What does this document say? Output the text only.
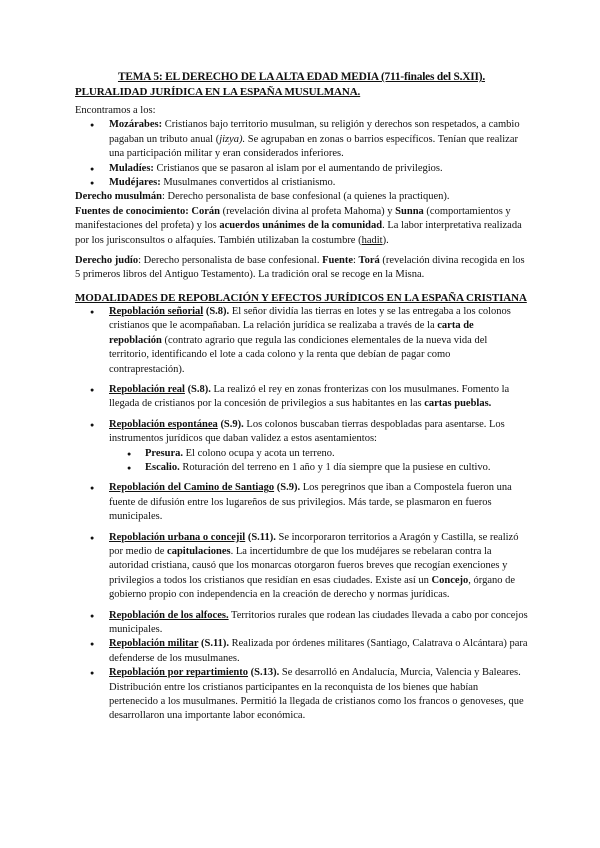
TEMA 5: EL DERECHO DE LA ALTA EDAD MEDIA (711-finales del S.XII).

PLURALIDAD JURÍDICA EN LA ESPAÑA MUSULMANA.

Encontramos a los:

● Mozárabes: Cristianos bajo territorio musulman, su religión y derechos son respetados, a cambio pagaban un tributo anual (jizya). Se agrupaban en zonas o barrios específicos. Tenían que realizar una participación militar y eran considerados inferiores.
● Muladíes: Cristianos que se pasaron al islam por el aumentando de privilegios.
● Mudéjares: Musulmanes convertidos al cristianismo.

Derecho musulmán: Derecho personalista de base confesional (a quienes la practiquen).

Fuentes de conocimiento: Corán (revelación divina al profeta Mahoma) y Sunna (comportamientos y manifestaciones del profeta) y los acuerdos unánimes de la comunidad. La labor interpretativa realizada por los jurisconsultos o alfaquíes. También utilizaban la costumbre (hadit).

Derecho judío: Derecho personalista de base confesional. Fuente: Torá (revelación divina recogida en los 5 primeros libros del Antiguo Testamento). La tradición oral se recoge en la Misna.

MODALIDADES DE REPOBLACIÓN Y EFECTOS JURÍDICOS EN LA ESPAÑA CRISTIANA

● Repoblación señorial (S.8). El señor dividía las tierras en lotes y se las entregaba a los colonos cristianos que le acompañaban. La relación jurídica se realizaba a través de la carta de repoblación (contrato agrario que regula las condiciones elementales de la nueva vida del territorio, identificando el lote a cada colono y la renta que debían de pagar como contraprestación).
● Repoblación real (S.8). La realizó el rey en zonas fronterizas con los musulmanes. Fomento la llegada de cristianos por la concesión de privilegios a sus habitantes en las cartas pueblas.
● Repoblación espontánea (S.9). Los colonos buscaban tierras despobladas para asentarse. Los instrumentos jurídicos que daban validez a estos asentamientos:
● Presura. El colono ocupa y acota un terreno.
● Escalio. Roturación del terreno en 1 año y 1 día siempre que la pusiese en cultivo.
● Repoblación del Camino de Santiago (S.9). Los peregrinos que iban a Compostela fueron una fuente de difusión entre los lugareños de sus privilegios. Más tarde, se plasmaron en fueros municipales.
● Repoblación urbana o concejil (S.11). Se incorporaron territorios a Aragón y Castilla, se realizó por medio de capitulaciones. La incertidumbre de que los mudéjares se rebelaran contra la autoridad cristiana, causó que los monarcas otorgaron fueros breves que recogían exenciones y privilegios a todos los cristianos que residían en esas ciudades. Existe así un Concejo, órgano de gobierno propio con independencia en la creación de derecho y normas jurídicas.
● Repoblación de los alfoces. Territorios rurales que rodean las ciudades llevada a cabo por concejos municipales.
● Repoblación militar (S.11). Realizada por órdenes militares (Santiago, Calatrava o Alcántara) para defenderse de los musulmanes.
● Repoblación por repartimiento (S.13). Se desarrolló en Andalucía, Murcia, Valencia y Baleares. Distribución entre los cristianos participantes en la reconquista de los bienes que habían pertenecido a los musulmanes. Permitió la llegada de cristianos como los francos o genoveses, que desarrollaron una importante labor económica.
